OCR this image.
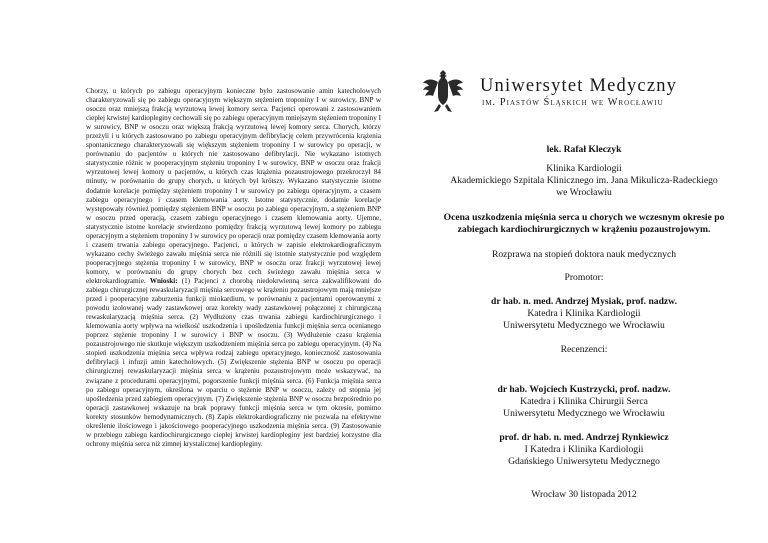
Chorzy, u których po zabiegu operacyjnym konieczne było zastosowanie amin katecholowych charakteryzowali się po zabiegu operacyjnym większym stężeniem troponiny I w surowicy, BNP w osoczu oraz mniejszą frakcją wyrzutową lewej komory serca. Pacjenci operowani z zastosowaniem ciepłej krwistej kardiopleginy cechowali się po zabiegu operacyjnym mniejszym stężeniem troponiny I w surowicy, BNP w osoczu oraz większą frakcją wyrzutową lewej komory serca. Chorych, którzy przeżyli i u których zastosowano po zabiegu operacyjnym defibrylację celem przywrócenia krążenia spontanicznego charakteryzowali się większym stężeniem troponiny I w surowicy po operacji, w porównaniu do pacjentów u których nie zastosowano defibrylacji. Nie wykazano istotnych statystycznie różnic w pooperacyjnym stężeniu troponiny I w surowicy, BNP w osoczu oraz frakcji wyrzutowej lewej komory u pacjentów, u których czas krążenia pozaustrojowego przekroczył 84 minuty, w porównaniu do grupy chorych, u których był krótszy. Wykazano statystycznie istotne dodatnie korelacje pomiędzy stężeniem troponiny I w surowicy po zabiegu operacyjnym, a czasem zabiegu operacyjnego i czasem klemowania aorty. Istotne statystycznie, dodatnie korelacje występowały również pomiędzy stężeniem BNP w osoczu po zabiegu operacyjnym, a stężeniem BNP w osoczu przed operacją, czasem zabiegu operacyjnego i czasem klemowania aorty. Ujemne, statystycznie istotne korelacje stwierdzono pomiędzy frakcją wyrzutową lewej komory po zabiegu operacyjnym a stężeniem troponiny I w surowicy po operacji oraz pomiędzy czasem klemowania aorty i czasem trwania zabiegu operacyjnego. Pacjenci, u których w zapisie elektrokardiograficznym wykazano cechy świeżego zawału mięśnia serca nie różnili się istotnie statystycznie pod względem pooperacyjnego stężenia troponiny I w surowicy, BNP w osoczu oraz frakcji wyrzutowej lewej komory, w porównaniu do grupy chorych bez cech świeżego zawału mięśnia serca w elektrokardiogramie. Wnioski: (1) Pacjenci z chorobą niedokrwienną serca zakwalifikowani do zabiegu chirurgicznej rewaskularyzacji mięśnia sercowego w krążeniu pozaustrojowym mają mniejsze przed i pooperacyjne zaburzenia funkcji miokardium, w porównaniu z pacjentami operowanymi z powodu izolowanej wady zastawkowej oraz korekty wady zastawkowej połączonej z chirurgiczną rewaskularyzacją mięśnia serca. (2) Wydłużony czas trwania zabiegu kardiochirurgicznego i klemowania aorty wpływa na wielkość uszkodzenia i upośledzenia funkcji mięśnia serca ocenianego poprzez stężenie troponiny I w surowicy i BNP w osoczu. (3) Wydłużenie czasu krążenia pozaustrojowego nie skutkuje większym uszkodzeniem mięśnia serca po zabiegu operacyjnym. (4) Na stopień uszkodzenia mięśnia serca wpływa rodzaj zabiegu operacyjnego, konieczność zastosowania defibrylacji i infuzji amin katecholowych. (5) Zwiększenie stężenia BNP w osoczu po operacji chirurgicznej rewaskularyzacji mięśnia serca w krążeniu pozaustrojowym może wskazywać, na związane z procedurami operacyjnymi, pogorszenie funkcji mięśnia serca. (6) Funkcja mięśnia serca po zabiegu operacyjnym, określona w oparciu o stężenie BNP w osoczu, zależy od stopnia jej upośledzenia przed zabiegiem operacyjnym. (7) Zwiększenie stężenia BNP w osoczu bezpośrednio po operacji zastawkowej wskazuje na brak poprawy funkcji mięśnia serca w tym okresie, pomimo korekty stosunków hemodynamicznych. (8) Zapis elektrokardiograficzny nie pozwala na efektywne określenie ilościowego i jakościowego pooperacyjnego uszkodzenia mięśnia serca. (9) Zastosowanie w przebiegu zabiegu kardiochirurgicznego ciepłej krwistej kardiopleginy jest bardziej korzystne dla ochrony mięśnia serca niż zimnej krystalicznej kardiopleginy.

Uniwersytet Medyczny
im. Piastów Śląskich we Wrocławiu
lek. Rafał Kleczyk
Klinika Kardiologii
Akademickiego Szpitala Klinicznego im. Jana Mikulicza-Radeckiego
we Wrocławiu
Ocena uszkodzenia mięśnia serca u chorych we wczesnym okresie po
zabiegach kardiochirurgicznych w krążeniu pozaustrojowym.
Rozprawa na stopień doktora nauk medycznych
Promotor:
dr hab. n. med. Andrzej Mysiak, prof. nadzw.
Katedra i Klinika Kardiologii
Uniwersytetu Medycznego we Wrocławiu
Recenzenci:
dr hab. Wojciech Kustrzycki, prof. nadzw.
Katedra i Klinika Chirurgii Serca
Uniwersytetu Medycznego we Wrocławiu
prof. dr hab. n. med. Andrzej Rynkiewicz
I Katedra i Klinika Kardiologii
Gdańskiego Uniwersytetu Medycznego
Wrocław 30 listopada 2012
